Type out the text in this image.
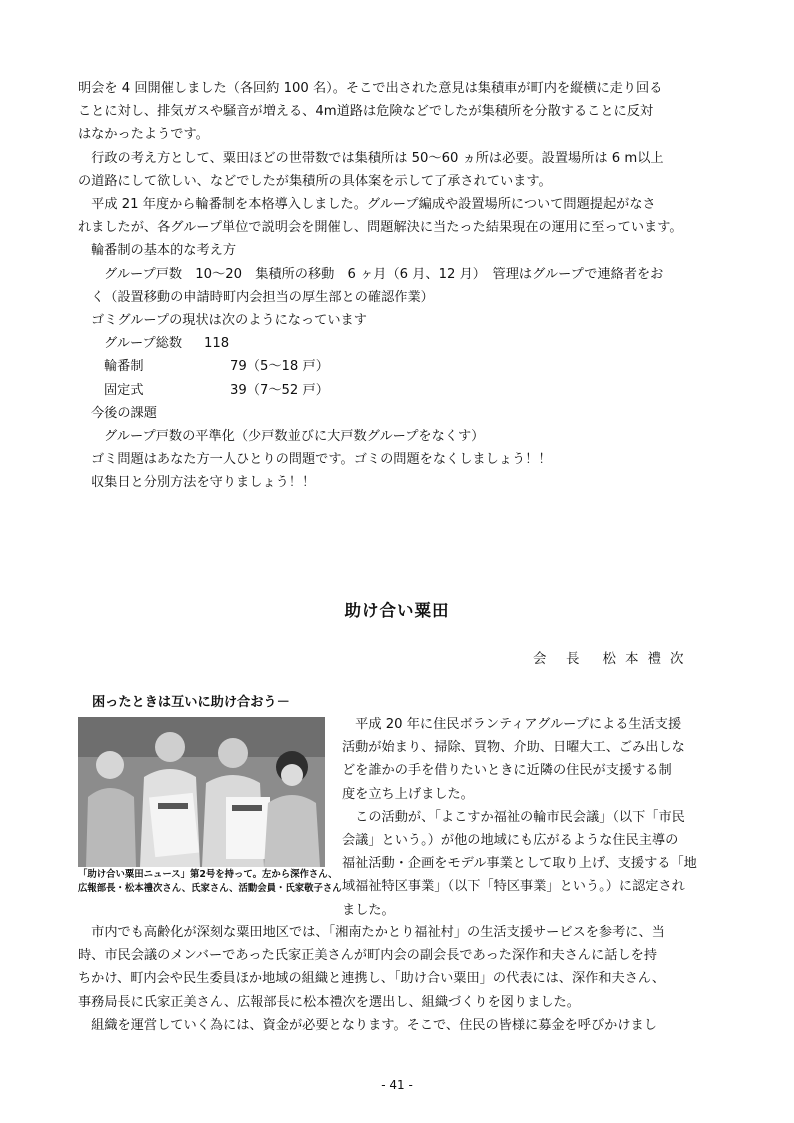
明会を 4 回開催しました（各回約 100 名）。そこで出された意見は集積車が町内を縦横に走り回る
ことに対し、排気ガスや騒音が増える、4m道路は危険などでしたが集積所を分散することに反対
はなかったようです。
　行政の考え方として、粟田ほどの世帯数では集積所は 50〜60 ヵ所は必要。設置場所は 6 m以上
の道路にして欲しい、などでしたが集積所の具体案を示して了承されています。
　平成 21 年度から輪番制を本格導入しました。グループ編成や設置場所について問題提起がなさ
れましたが、各グループ単位で説明会を開催し、問題解決に当たった結果現在の運用に至っています。
輪番制の基本的な考え方
グループ戸数　10〜20　集積所の移動　6 ヶ月（6 月、12 月）　管理はグループで連絡者をお
く（設置移動の申請時町内会担当の厚生部との確認作業）
ゴミグループの現状は次のようになっています
グループ総数 118
輪番制	79（5〜18 戸）
固定式	39（7〜52 戸）
今後の課題
グループ戸数の平準化（少戸数並びに大戸数グループをなくす）
ゴミ問題はあなた方一人ひとりの問題です。ゴミの問題をなくしましょう！！
収集日と分別方法を守りましょう！！
助け合い粟田
会　長 松本禮次
困ったときは互いに助け合おう－
「助け合い粟田ニュース」第2号を持って。左から深作さん、
広報部長・松本禮次さん、氏家さん、活動会員・氏家敬子さん
　平成 20 年に住民ボランティアグループによる生活支援
活動が始まり、掃除、買物、介助、日曜大工、ごみ出しな
どを誰かの手を借りたいときに近隣の住民が支援する制
度を立ち上げました。
　この活動が、「よこすか福祉の輪市民会議」（以下「市民
会議」という。）が他の地域にも広がるような住民主導の
福祉活動・企画をモデル事業として取り上げ、支援する「地
域福祉特区事業」（以下「特区事業」という。）に認定され
ました。
　市内でも高齢化が深刻な粟田地区では、「湘南たかとり福祉村」の生活支援サービスを参考に、当
時、市民会議のメンバーであった氏家正美さんが町内会の副会長であった深作和夫さんに話しを持
ちかけ、町内会や民生委員ほか地域の組織と連携し、「助け合い粟田」の代表には、深作和夫さん、
事務局長に氏家正美さん、広報部長に松本禮次を選出し、組織づくりを図りました。
　組織を運営していく為には、資金が必要となります。そこで、住民の皆様に募金を呼びかけまし
- 41 -
